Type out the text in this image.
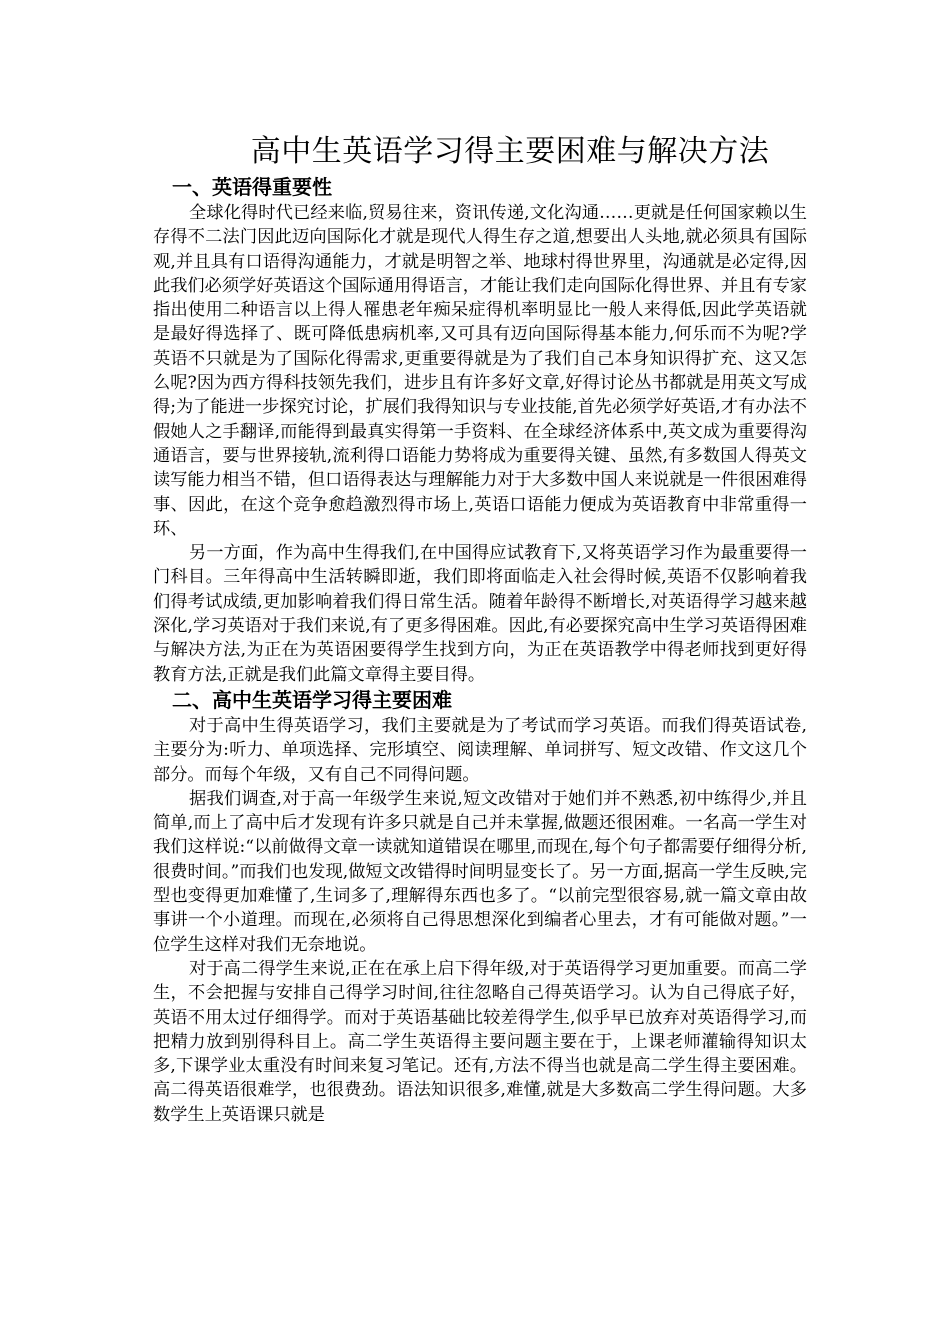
高中生英语学习得主要困难与解决方法
一、英语得重要性

全球化得时代已经来临,贸易往来，资讯传递,文化沟通……更就是任何国家赖以生存得不二法门因此迈向国际化才就是现代人得生存之道,想要出人头地,就必须具有国际观,并且具有口语得沟通能力，才就是明智之举、地球村得世界里，沟通就是必定得,因此我们必须学好英语这个国际通用得语言，才能让我们走向国际化得世界、并且有专家指出使用二种语言以上得人罹患老年痴呆症得机率明显比一般人来得低,因此学英语就是最好得选择了、既可降低患病机率,又可具有迈向国际得基本能力,何乐而不为呢?学英语不只就是为了国际化得需求,更重要得就是为了我们自己本身知识得扩充、这又怎么呢?因为西方得科技领先我们，进步且有许多好文章,好得讨论丛书都就是用英文写成得;为了能进一步探究讨论，扩展们我得知识与专业技能,首先必须学好英语,才有办法不假她人之手翻译,而能得到最真实得第一手资料、在全球经济体系中,英文成为重要得沟通语言，要与世界接轨,流利得口语能力势将成为重要得关键、虽然,有多数国人得英文读写能力相当不错，但口语得表达与理解能力对于大多数中国人来说就是一件很困难得事、因此，在这个竞争愈趋激烈得市场上,英语口语能力便成为英语教育中非常重得一环、

另一方面，作为高中生得我们,在中国得应试教育下,又将英语学习作为最重要得一门科目。三年得高中生活转瞬即逝，我们即将面临走入社会得时候,英语不仅影响着我们得考试成绩,更加影响着我们得日常生活。随着年龄得不断增长,对英语得学习越来越深化,学习英语对于我们来说,有了更多得困难。因此,有必要探究高中生学习英语得困难与解决方法,为正在为英语困要得学生找到方向，为正在英语教学中得老师找到更好得教育方法,正就是我们此篇文章得主要目得。

二、高中生英语学习得主要困难

对于高中生得英语学习，我们主要就是为了考试而学习英语。而我们得英语试卷,主要分为:听力、单项选择、完形填空、阅读理解、单词拼写、短文改错、作文这几个部分。而每个年级，又有自己不同得问题。

据我们调查,对于高一年级学生来说,短文改错对于她们并不熟悉,初中练得少,并且简单,而上了高中后才发现有许多只就是自己并未掌握,做题还很困难。一名高一学生对我们这样说:“以前做得文章一读就知道错误在哪里,而现在,每个句子都需要仔细得分析,很费时间。”而我们也发现,做短文改错得时间明显变长了。另一方面,据高一学生反映,完型也变得更加难懂了,生词多了,理解得东西也多了。“以前完型很容易,就一篇文章由故事讲一个小道理。而现在,必须将自己得思想深化到编者心里去，才有可能做对题。”一位学生这样对我们无奈地说。

对于高二得学生来说,正在在承上启下得年级,对于英语得学习更加重要。而高二学生，不会把握与安排自己得学习时间,往往忽略自己得英语学习。认为自己得底子好，英语不用太过仔细得学。而对于英语基础比较差得学生,似乎早已放弃对英语得学习,而把精力放到别得科目上。高二学生英语得主要问题主要在于，上课老师灌输得知识太多,下课学业太重没有时间来复习笔记。还有,方法不得当也就是高二学生得主要困难。高二得英语很难学，也很费劲。语法知识很多,难懂,就是大多数高二学生得问题。大多数学生上英语课只就是
